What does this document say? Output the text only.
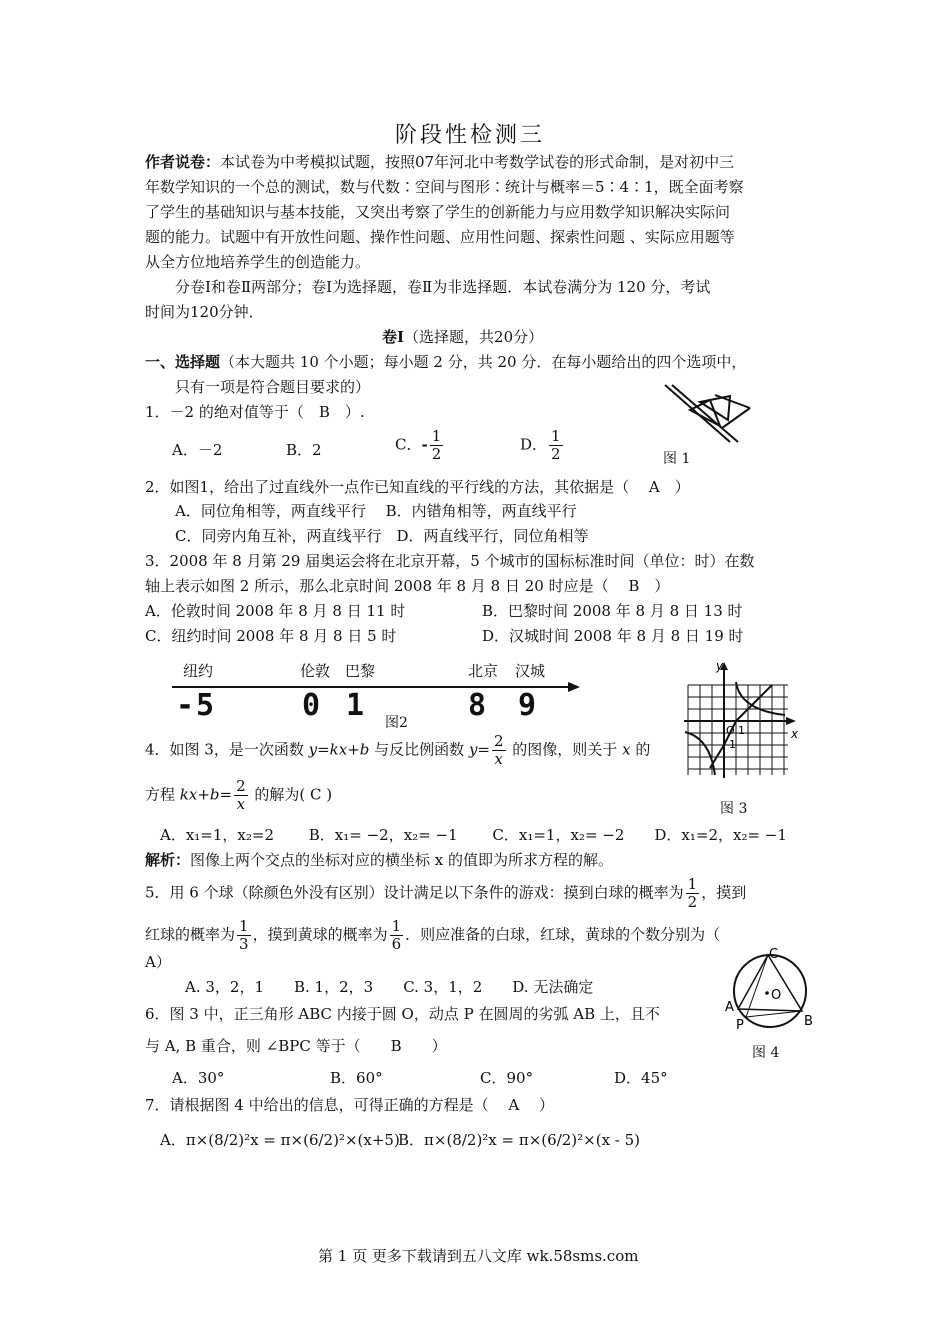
阶段性检测三
作者说卷：本试卷为中考模拟试题，按照07年河北中考数学试卷的形式命制，是对初中三
年数学知识的一个总的测试，数与代数∶空间与图形∶统计与概率＝5∶4∶1，既全面考察
了学生的基础知识与基本技能，又突出考察了学生的创新能力与应用数学知识解决实际问
题的能力。试题中有开放性问题、操作性问题、应用性问题、探索性问题 、实际应用题等
从全方位地培养学生的创造能力。
分卷Ⅰ和卷Ⅱ两部分；卷Ⅰ为选择题，卷Ⅱ为非选择题．本试卷满分为 120 分，考试
时间为120分钟．
卷Ⅰ（选择题，共20分）
一、选择题（本大题共 10 个小题；每小题 2 分，共 20 分．在每小题给出的四个选项中，
只有一项是符合题目要求的）
1．－2 的绝对值等于（　B　）.
A．－2	B．2	C．- $\frac{1}{2}$	D． $\frac{1}{2}$	图 1
2．如图1，给出了过直线外一点作已知直线的平行线的方法，其依据是（　 A　）
A．同位角相等，两直线平行　 B．内错角相等，两直线平行
C．同旁内角互补，两直线平行　D．两直线平行，同位角相等
3．2008 年 8 月第 29 届奥运会将在北京开幕，5 个城市的国标标准时间（单位：时）在数
轴上表示如图 2 所示，那么北京时间 2008 年 8 月 8 日 20 时应是（　 B　）
A．伦敦时间 2008 年 8 月 8 日 11 时	B．巴黎时间 2008 年 8 月 8 日 13 时
C．纽约时间 2008 年 8 月 8 日 5 时	D．汉城时间 2008 年 8 月 8 日 19 时
纽约	伦敦 巴黎	北京 汉城
-5	0 1	8 9
图2
y
x
O 1
-1
图 3
4．如图 3，是一次函数 y=kx+b 与反比例函数 $y= \frac{2}{x}$ 的图像，则关于 x 的
方程 $kx+b= \frac{2}{x}$ 的解为( C )
A．x₁=1，x₂=2　　 B．x₁= −2，x₂= −1　　 C．x₁=1，x₂= −2　　D．x₁=2，x₂= −1
解析：图像上两个交点的坐标对应的横坐标 x 的值即为所求方程的解。
5．用 6 个球（除颜色外没有区别）设计满足以下条件的游戏：摸到白球的概率为 $\frac{1}{2}$ ，摸到
红球的概率为 $\frac{1}{3}$ ，摸到黄球的概率为 $\frac{1}{6}$ ．则应准备的白球，红球，黄球的个数分别为（
A）
A. 3，2，1　　B. 1，2，3　　C. 3，1，2　　D. 无法确定
C
A
B
O
P
图 4
6．图 3 中，正三角形 ABC 内接于圆 O，动点 P 在圆周的劣弧 AB 上，且不
与 A, B 重合，则 ∠BPC 等于（　　B　　）
A．30°	B．60°	C．90°	D．45°
7．请根据图 4 中给出的信息，可得正确的方程是（　 A　 ）
A．π×(8/2)²x = π×(6/2)²×(x+5)
B．π×(8/2)²x = π×(6/2)²×(x - 5)
第 1 页 更多下载请到五八文库 wk.58sms.com
